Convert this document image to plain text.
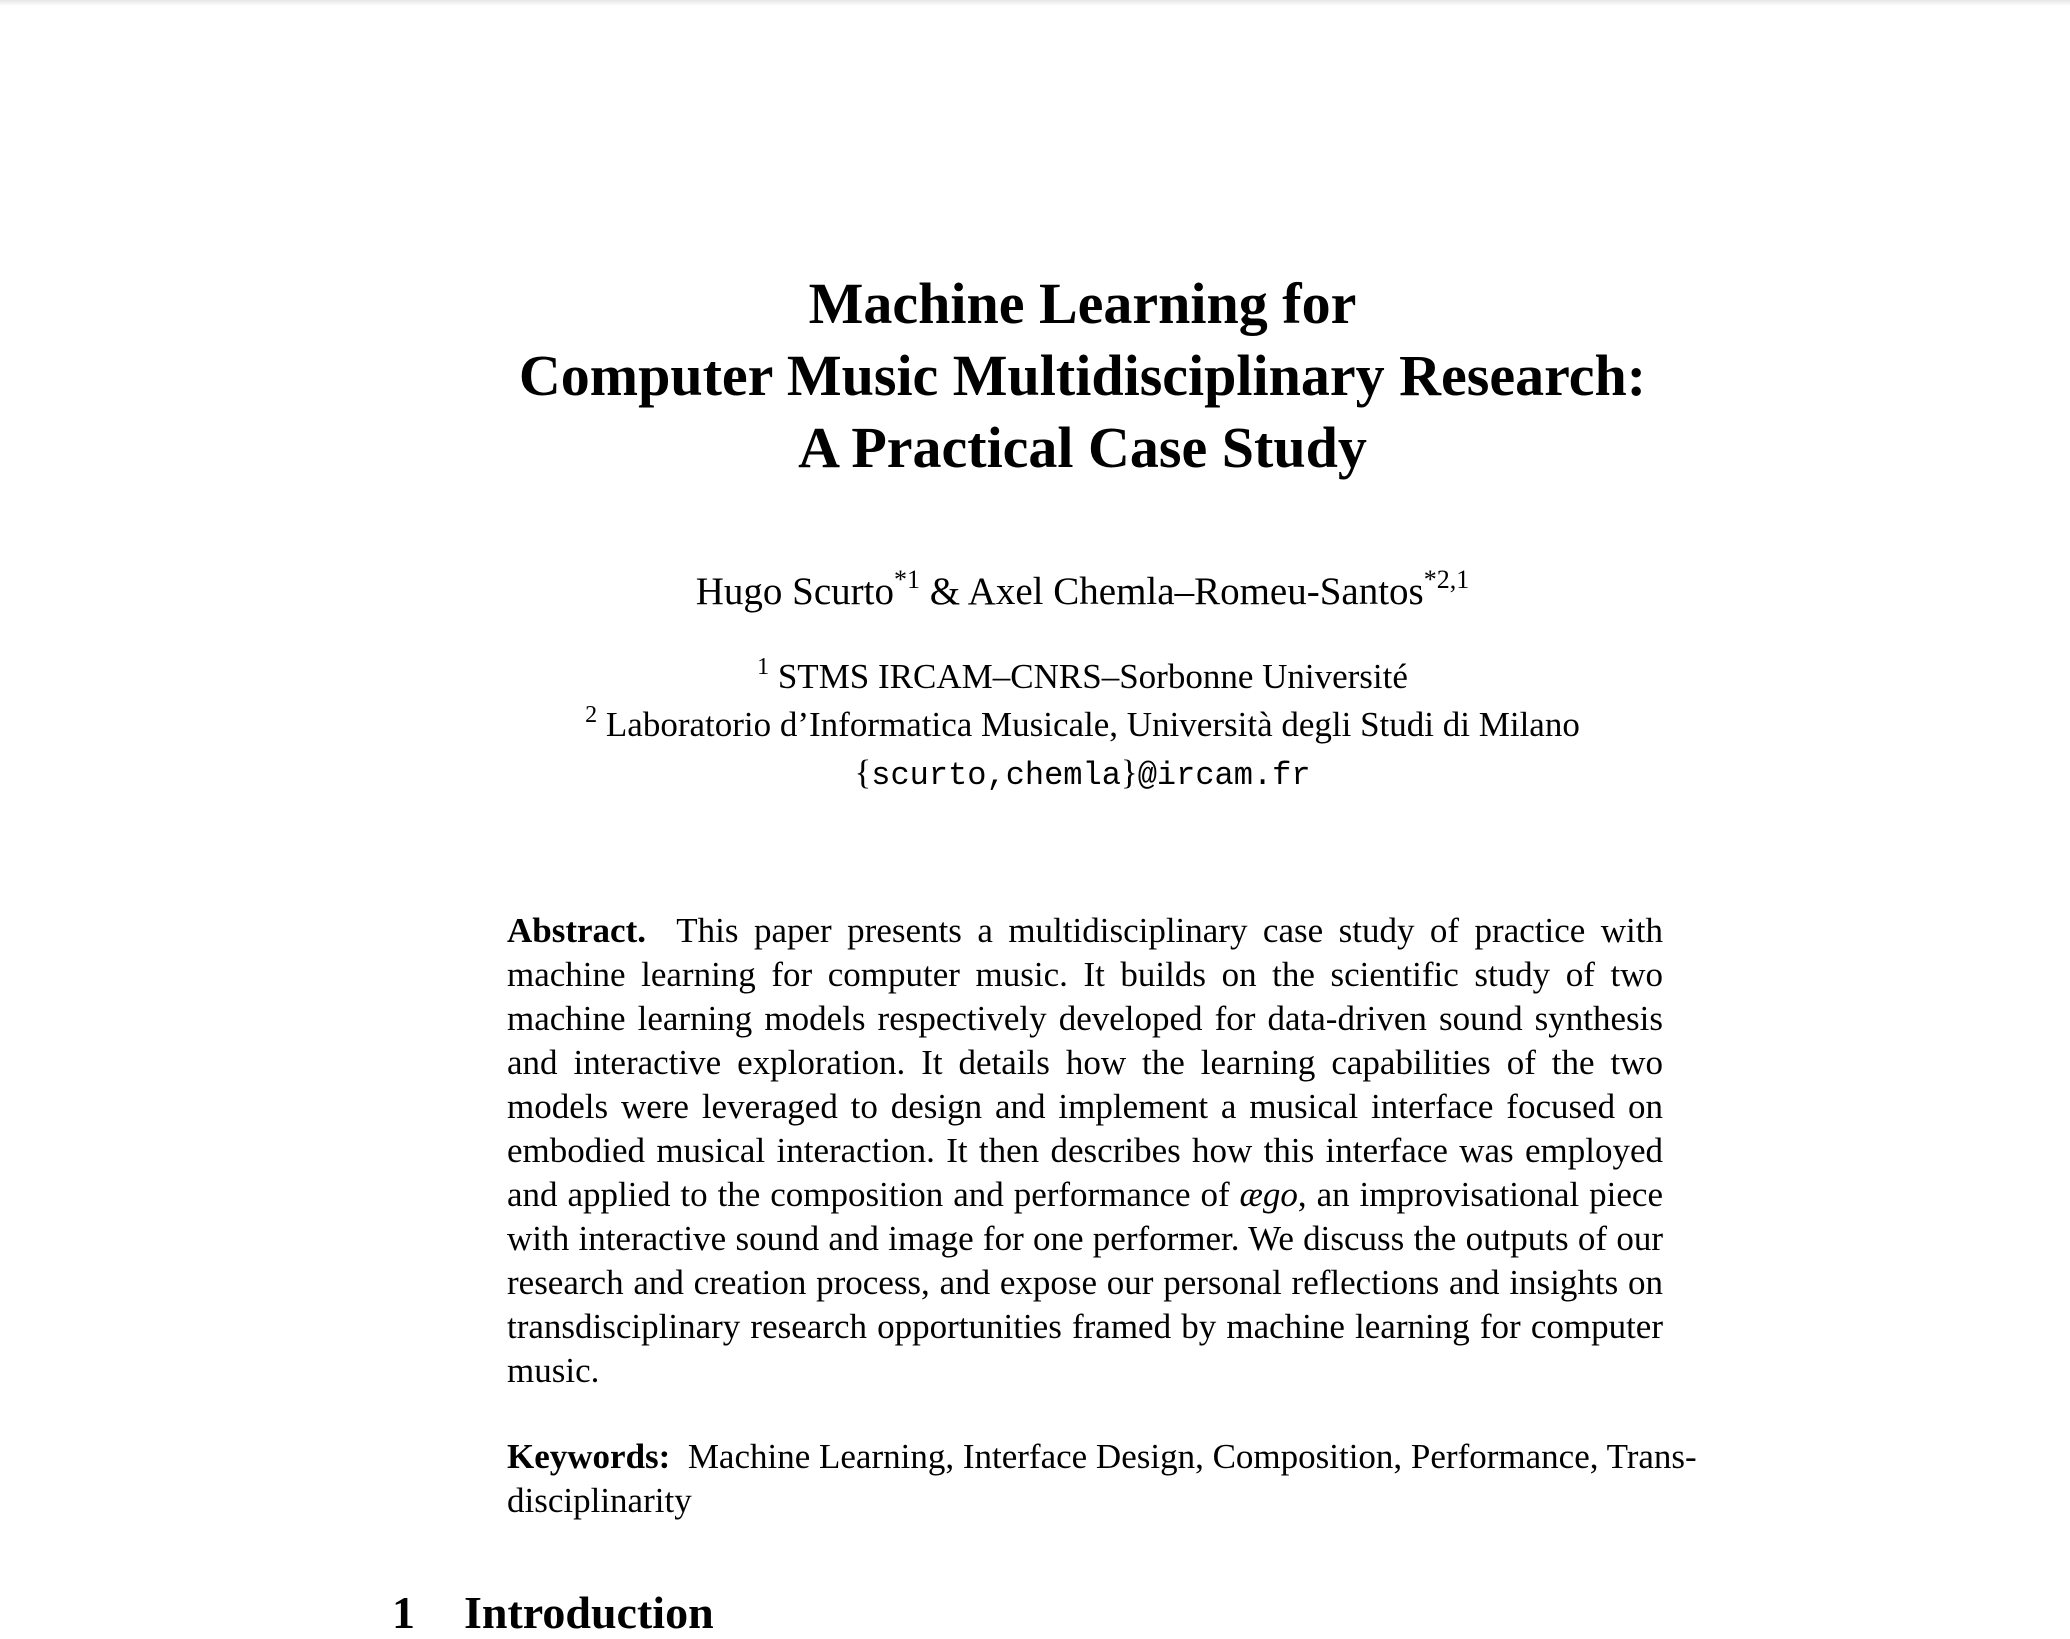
Machine Learning for
Computer Music Multidisciplinary Research:
A Practical Case Study
Hugo Scurto$^{*1}$ & Axel Chemla–Romeu-Santos$^{*2,1}$
$^1$ STMS IRCAM–CNRS–Sorbonne Université
$^2$ Laboratorio d’Informatica Musicale, Università degli Studi di Milano
{scurto,chemla}@ircam.fr
Abstract. This paper presents a multidisciplinary case study of practice with machine learning for computer music. It builds on the scientific study of two machine learning models respectively developed for data-driven sound synthesis and interactive exploration. It details how the learning capabilities of the two models were leveraged to design and implement a musical interface focused on embodied musical interaction. It then describes how this interface was employed and applied to the composition and performance of ægo, an improvisational piece with interactive sound and image for one performer. We discuss the outputs of our research and creation process, and expose our personal reflections and insights on transdisciplinary research opportunities framed by machine learning for computer music.
Keywords: Machine Learning, Interface Design, Composition, Performance, Trans-disciplinarity
1 Introduction
